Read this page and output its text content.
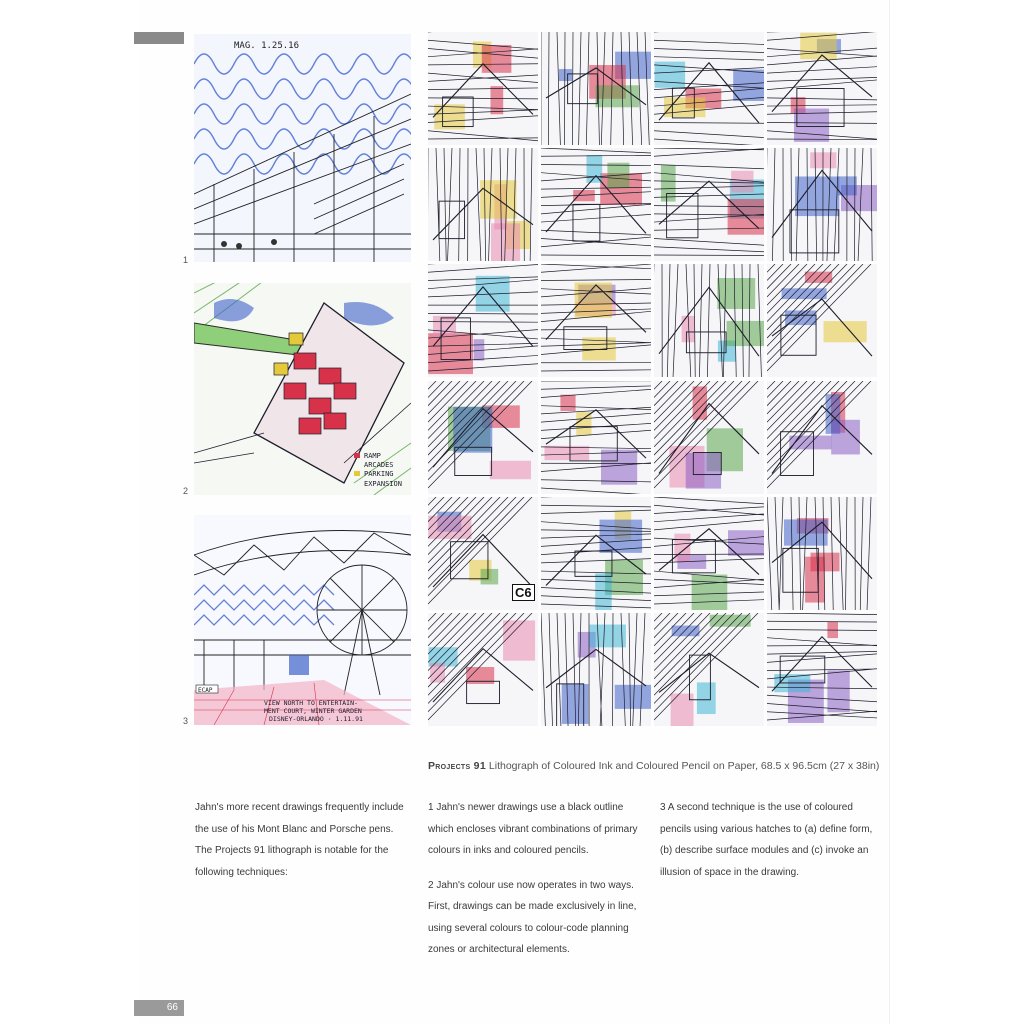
MAG. 1.25.16
1
RAMP
ARCADES
PARKING
EXPANSION
2
ECAP
VIEW NORTH TO ENTERTAIN-
MENT COURT, WINTER GARDEN
DISNEY-ORLANDO · 1.11.91
3
C6
Projects 91 Lithograph of Coloured Ink and Coloured Pencil on Paper, 68.5 x 96.5cm (27 x 38in)

Jahn's more recent drawings frequently include the use of his Mont Blanc and Porsche pens. The Projects 91 lithograph is notable for the following techniques:

1 Jahn's newer drawings use a black outline which encloses vibrant combinations of primary colours in inks and coloured pencils.

2 Jahn's colour use now operates in two ways. First, drawings can be made exclusively in line, using several colours to colour-code planning zones or architectural elements.

3 A second technique is the use of coloured pencils using various hatches to (a) define form,

(b) describe surface modules and (c) invoke an illusion of space in the drawing.

66
